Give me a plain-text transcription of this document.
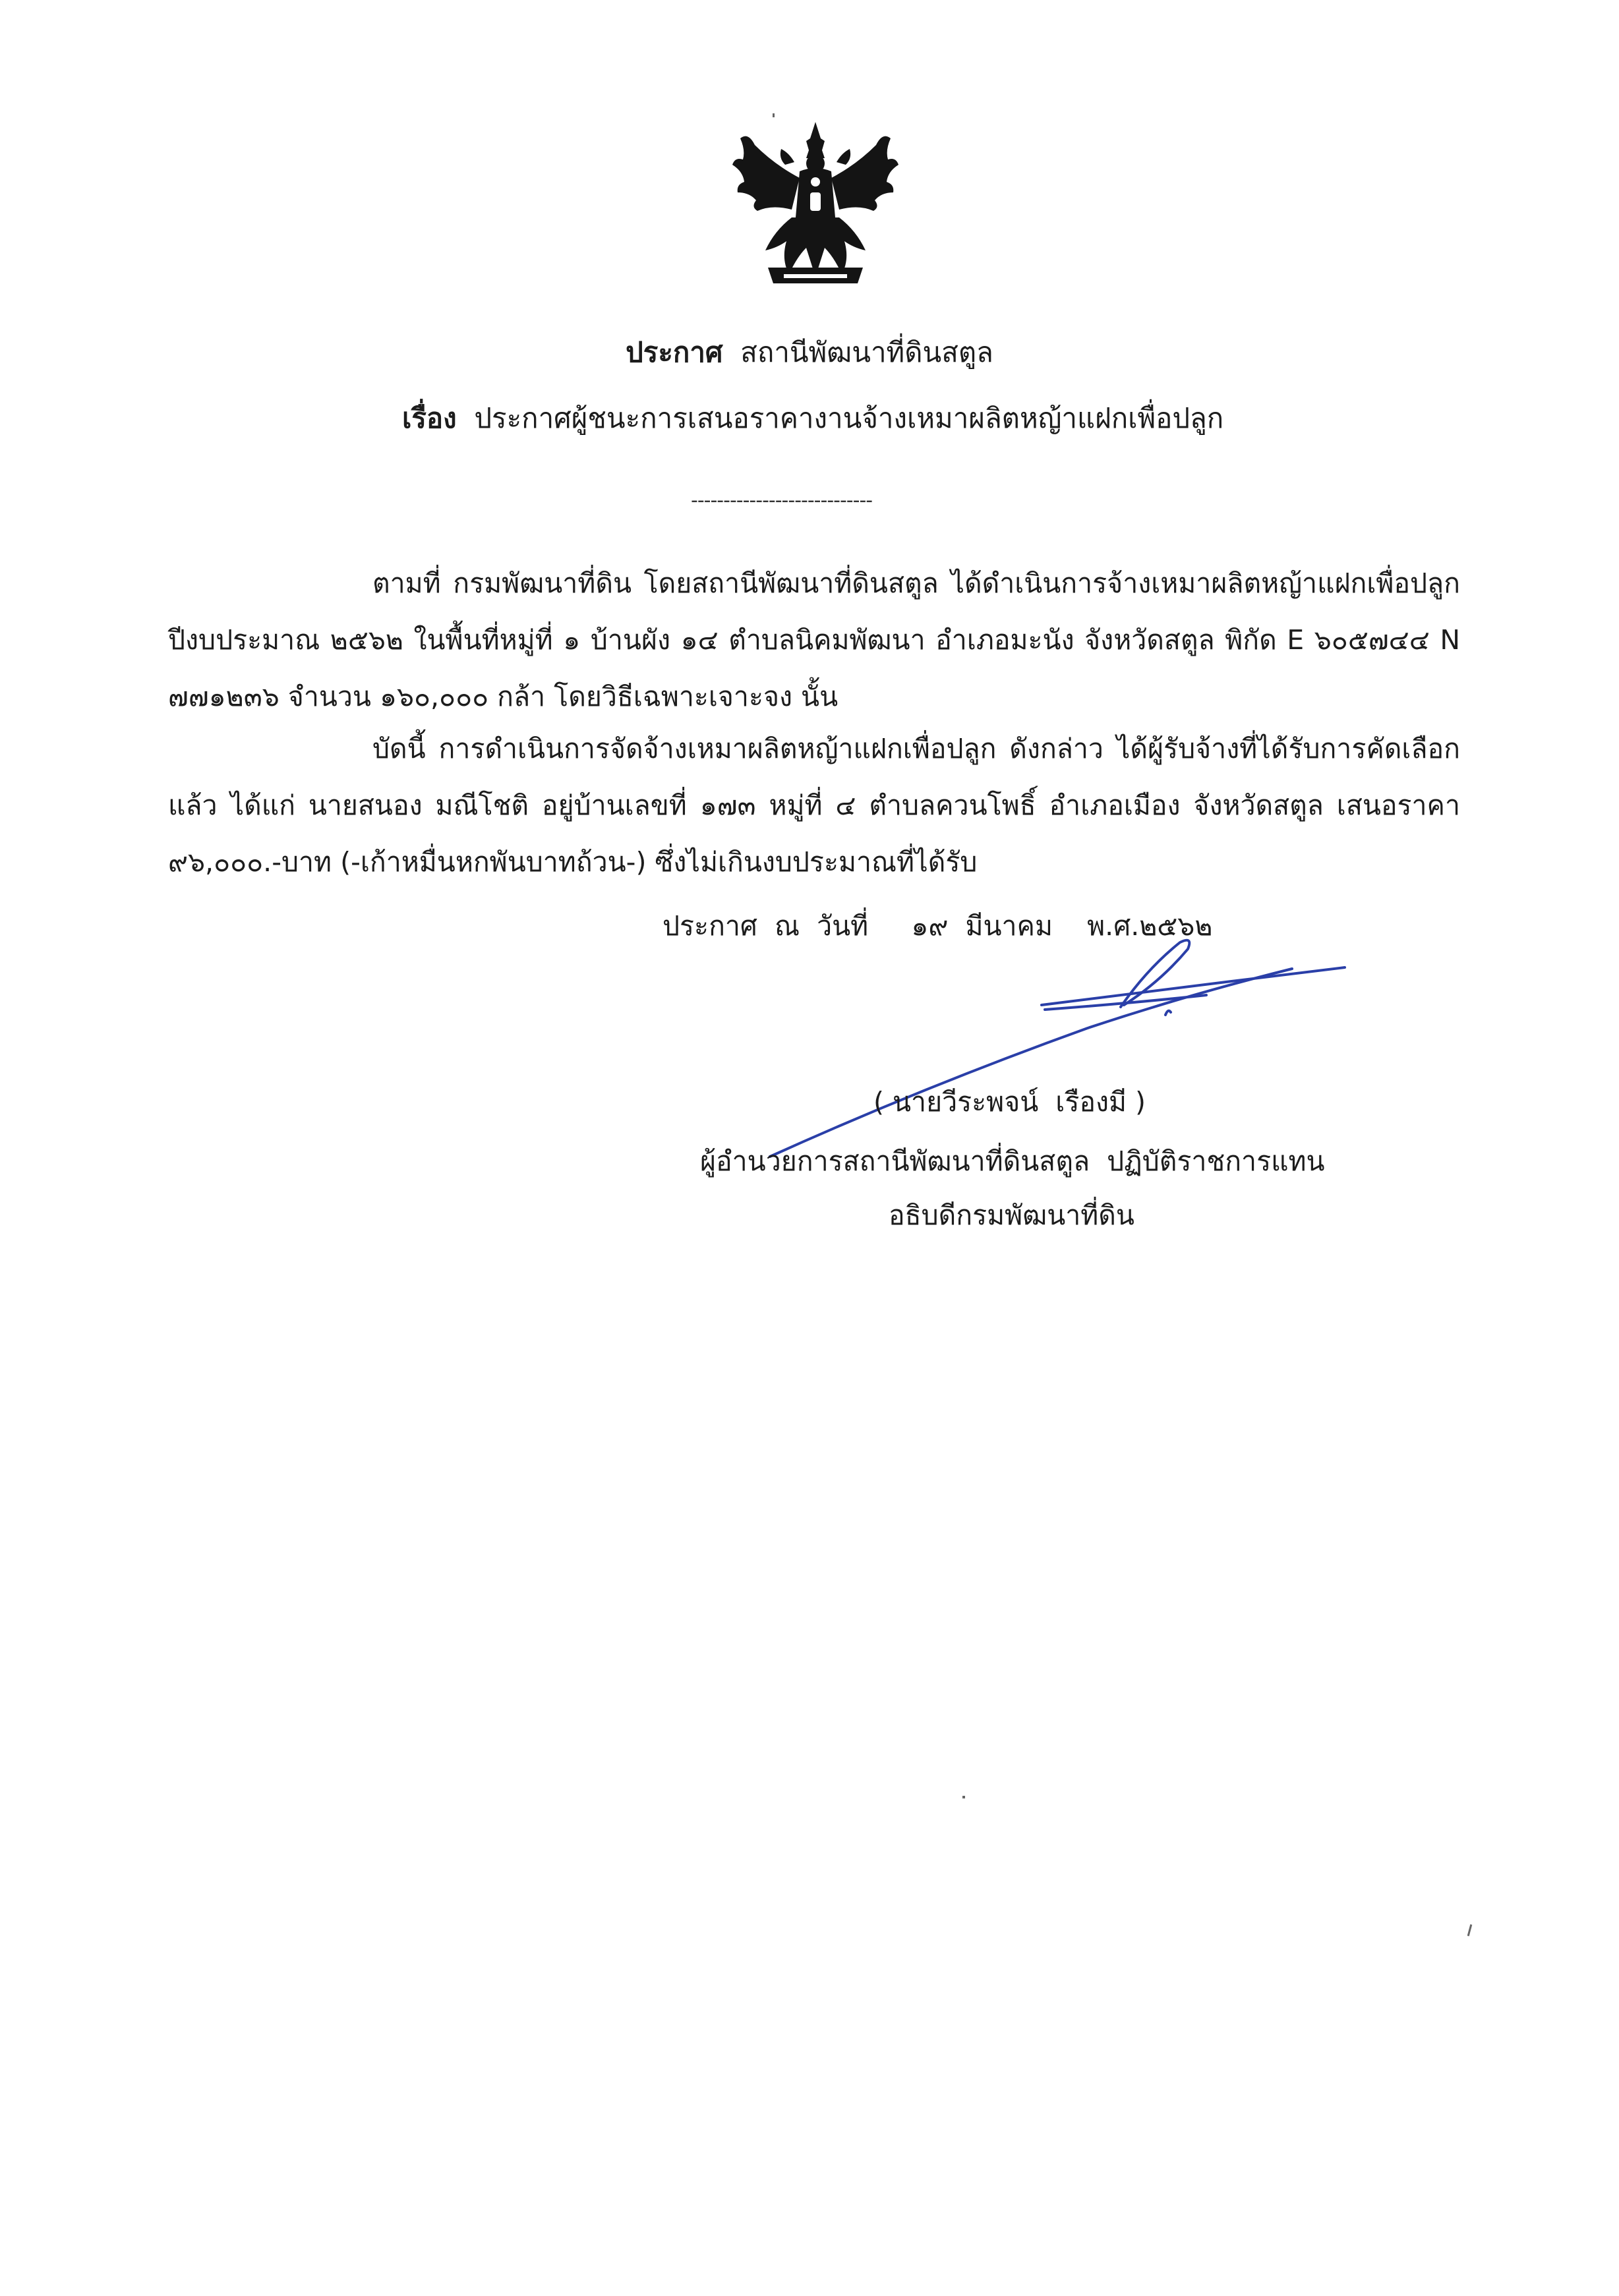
ประกาศ สถานีพัฒนาที่ดินสตูล
เรื่อง ประกาศผู้ชนะการเสนอราคางานจ้างเหมาผลิตหญ้าแฝกเพื่อปลูก
----------------------------
ตามที่ กรมพัฒนาที่ดิน โดยสถานีพัฒนาที่ดินสตูล ได้ดำเนินการจ้างเหมาผลิตหญ้าแฝกเพื่อปลูก ปีงบประมาณ ๒๕๖๒ ในพื้นที่หมู่ที่ ๑ บ้านผัง ๑๔ ตำบลนิคมพัฒนา อำเภอมะนัง จังหวัดสตูล พิกัด E ๖๐๕๗๔๔ N ๗๗๑๒๓๖ จำนวน ๑๖๐,๐๐๐ กล้า โดยวิธีเฉพาะเจาะจง นั้น
บัดนี้ การดำเนินการจัดจ้างเหมาผลิตหญ้าแฝกเพื่อปลูก ดังกล่าว ได้ผู้รับจ้างที่ได้รับการคัดเลือก แล้ว ได้แก่ นายสนอง มณีโชติ อยู่บ้านเลขที่ ๑๗๓ หมู่ที่ ๔ ตำบลควนโพธิ์ อำเภอเมือง จังหวัดสตูล เสนอราคา ๙๖,๐๐๐.-บาท (-เก้าหมื่นหกพันบาทถ้วน-) ซึ่งไม่เกินงบประมาณที่ได้รับ
ประกาศ  ณ  วันที่     ๑๙  มีนาคม    พ.ศ.๒๕๖๒
( นายวีระพจน์  เรืองมี )
ผู้อำนวยการสถานีพัฒนาที่ดินสตูล  ปฏิบัติราชการแทน
อธิบดีกรมพัฒนาที่ดิน
